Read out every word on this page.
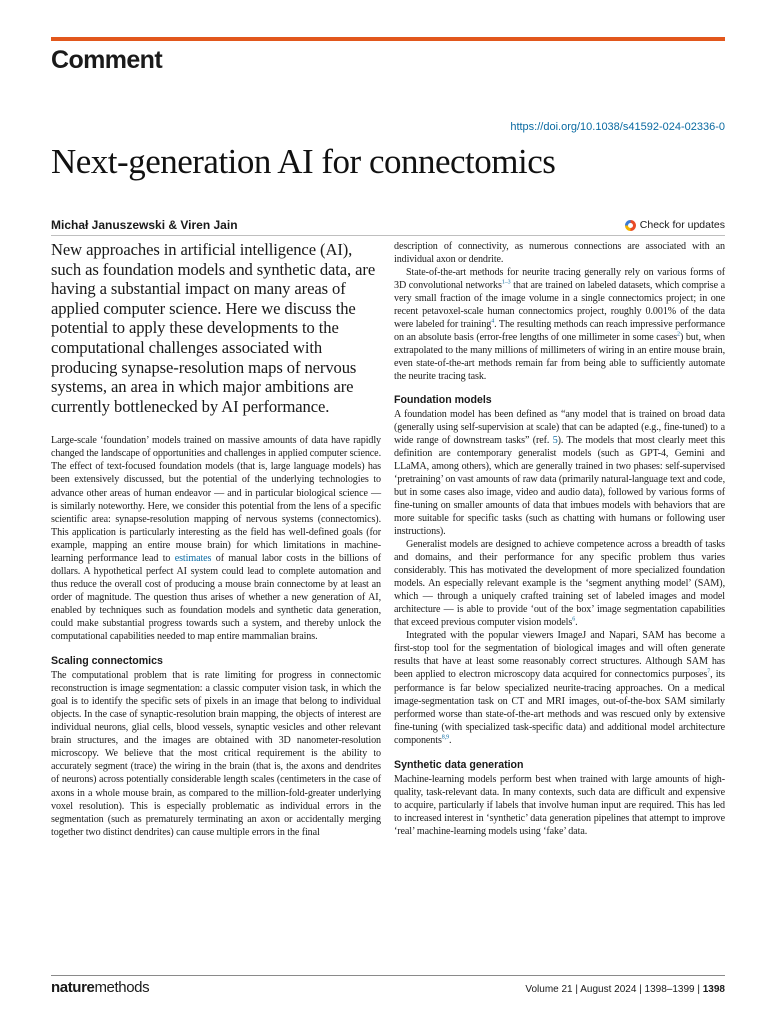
Comment
https://doi.org/10.1038/s41592-024-02336-0
Next-generation AI for connectomics
Michał Januszewski & Viren Jain	Check for updates

New approaches in artificial intelligence (AI), such as foundation models and synthetic data, are having a substantial impact on many areas of applied computer science. Here we discuss the potential to apply these developments to the computational challenges associated with producing synapse-resolution maps of nervous systems, an area in which major ambitions are currently bottlenecked by AI performance.

Large-scale ‘foundation’ models trained on massive amounts of data have rapidly changed the landscape of opportunities and challenges in applied computer science. The effect of text-focused foundation models (that is, large language models) has been extensively discussed, but the potential of the underlying technologies to advance other areas of human endeavor — and in particular biological science — is similarly noteworthy. Here, we consider this potential from the lens of a specific scientific area: synapse-resolution mapping of nervous systems (connectomics). This application is particularly interesting as the field has well-defined goals (for example, mapping an entire mouse brain) for which limitations in machine-learning performance lead to estimates of manual labor costs in the billions of dollars. A hypothetical perfect AI system could lead to complete automation and thus reduce the overall cost of producing a mouse brain connectome by at least an order of magnitude. The question thus arises of whether a new generation of AI, enabled by techniques such as foundation models and synthetic data generation, could make substantial progress towards such a system, and thereby unlock the computational capabilities needed to map entire mammalian brains.

Scaling connectomics

The computational problem that is rate limiting for progress in connectomic reconstruction is image segmentation: a classic computer vision task, in which the goal is to identify the specific sets of pixels in an image that belong to individual objects. In the case of synaptic-resolution brain mapping, the objects of interest are individual neurons, glial cells, blood vessels, synaptic vesicles and other relevant brain structures, and the images are obtained with 3D nanometer-resolution microscopy. We believe that the most critical requirement is the ability to accurately segment (trace) the wiring in the brain (that is, the axons and dendrites of neurons) across potentially considerable length scales (centimeters in the case of axons in a whole mouse brain, as compared to the million-fold-greater underlying voxel resolution). This is especially problematic as individual errors in the segmentation (such as prematurely terminating an axon or accidentally merging together two distinct dendrites) can cause multiple errors in the final

description of connectivity, as numerous connections are associated with an individual axon or dendrite.

State-of-the-art methods for neurite tracing generally rely on various forms of 3D convolutional networks$^{1-3}$ that are trained on labeled datasets, which comprise a very small fraction of the image volume in a single connectomics project; in one recent petavoxel-scale human connectomics project, roughly 0.001% of the data were labeled for training$^4$. The resulting methods can reach impressive performance on an absolute basis (error-free lengths of one millimeter in some cases$^2$) but, when extrapolated to the many millions of millimeters of wiring in an entire mouse brain, even state-of-the-art methods remain far from being able to sufficiently automate the neurite tracing task.

Foundation models

A foundation model has been defined as “any model that is trained on broad data (generally using self-supervision at scale) that can be adapted (e.g., fine-tuned) to a wide range of downstream tasks” (ref. 5). The models that most clearly meet this definition are contemporary generalist models (such as GPT-4, Gemini and LLaMA, among others), which are generally trained in two phases: self-supervised ‘pretraining’ on vast amounts of raw data (primarily natural-language text and code, but in some cases also image, video and audio data), followed by various forms of fine-tuning on smaller amounts of data that imbues models with behaviors that are more suitable for specific tasks (such as chatting with humans or following user instructions).

Generalist models are designed to achieve competence across a breadth of tasks and domains, and their performance for any specific problem thus varies considerably. This has motivated the development of more specialized foundation models. An especially relevant example is the ‘segment anything model’ (SAM), which — through a uniquely crafted training set of labeled images and model architecture — is able to provide ‘out of the box’ image segmentation capabilities that exceed previous computer vision models$^6$.

Integrated with the popular viewers ImageJ and Napari, SAM has become a first-stop tool for the segmentation of biological images and will often generate results that have at least some reasonably correct structures. Although SAM has been applied to electron microscopy data acquired for connectomics purposes$^7$, its performance is far below specialized neurite-tracing approaches. On a medical image-segmentation task on CT and MRI images, out-of-the-box SAM similarly performed worse than state-of-the-art methods and was rescued only by extensive fine-tuning (with specialized task-specific data) and additional model architecture components$^{8,9}$.

Synthetic data generation

Machine-learning models perform best when trained with large amounts of high-quality, task-relevant data. In many contexts, such data are difficult and expensive to acquire, particularly if labels that involve human input are required. This has led to increased interest in ‘synthetic’ data generation pipelines that attempt to improve ‘real’ machine-learning models using ‘fake’ data.

naturemethods	Volume 21 | August 2024 | 1398–1399 | 1398
